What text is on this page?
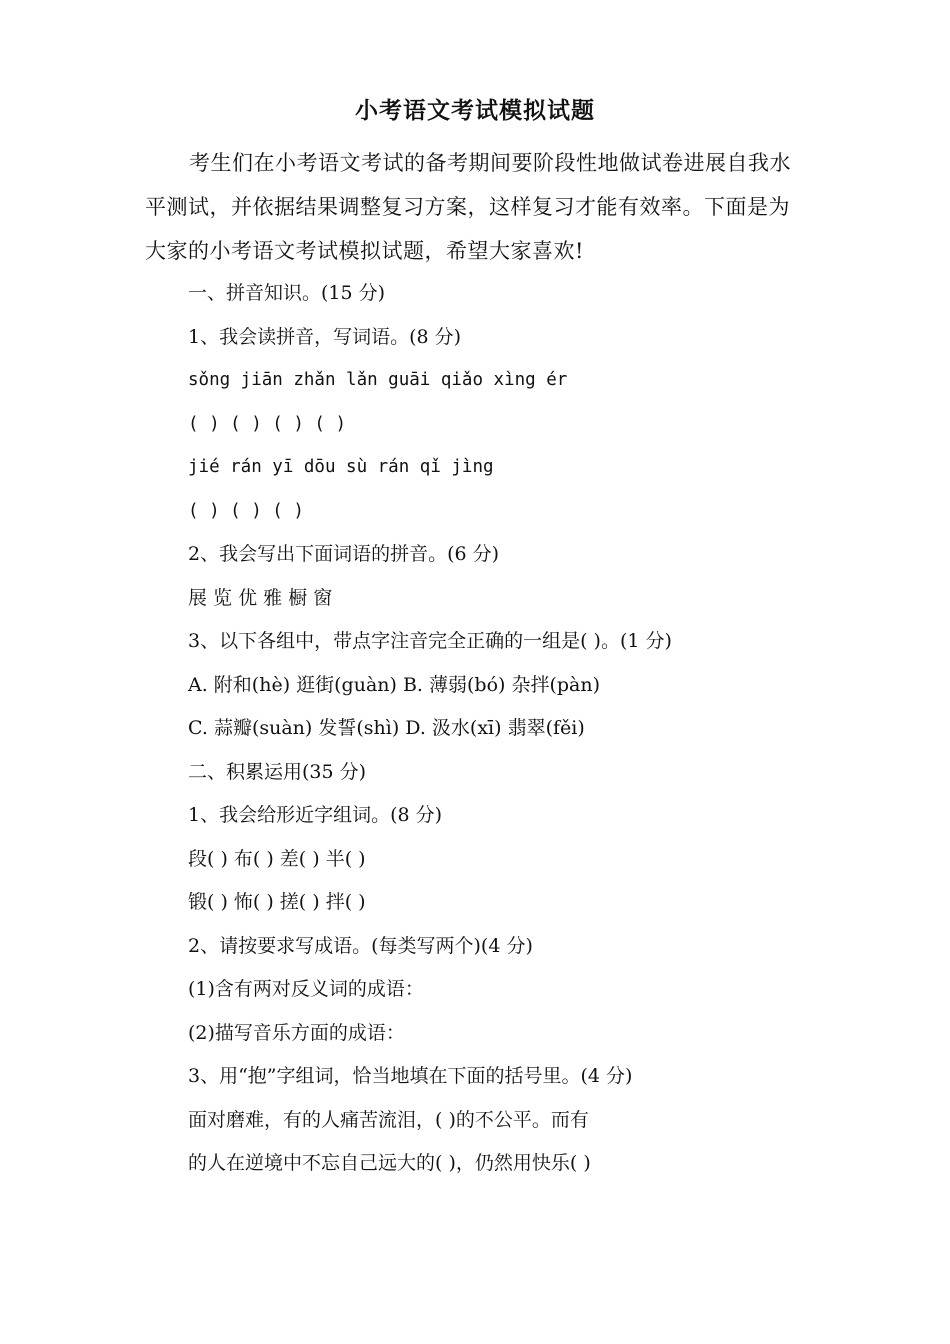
小考语文考试模拟试题
考生们在小考语文考试的备考期间要阶段性地做试卷进展自我水平测试，并依据结果调整复习方案，这样复习才能有效率。下面是为大家的小考语文考试模拟试题，希望大家喜欢!
一、拼音知识。(15 分)
1、我会读拼音，写词语。(8 分)
sǒng jiān zhǎn lǎn guāi qiǎo xìng ér
( ) ( ) ( ) ( )
jié rán yī dōu sù rán qǐ jìng
( ) ( ) ( )
2、我会写出下面词语的拼音。(6 分)
展 览 优 雅 橱 窗
3、以下各组中，带点字注音完全正确的一组是( )。(1 分)
A. 附和(hè) 逛街(guàn) B. 薄弱(bó) 杂拌(pàn)
C. 蒜瓣(suàn) 发誓(shì) D. 汲水(xī) 翡翠(fěi)
二、积累运用(35 分)
1、我会给形近字组词。(8 分)
段( ) 布( ) 差( ) 半( )
锻( ) 怖( ) 搓( ) 拌( )
2、请按要求写成语。(每类写两个)(4 分)
(1)含有两对反义词的成语：
(2)描写音乐方面的成语：
3、用“抱”字组词，恰当地填在下面的括号里。(4 分)
面对磨难，有的人痛苦流泪，( )的不公平。而有
的人在逆境中不忘自己远大的( )，仍然用快乐( )
